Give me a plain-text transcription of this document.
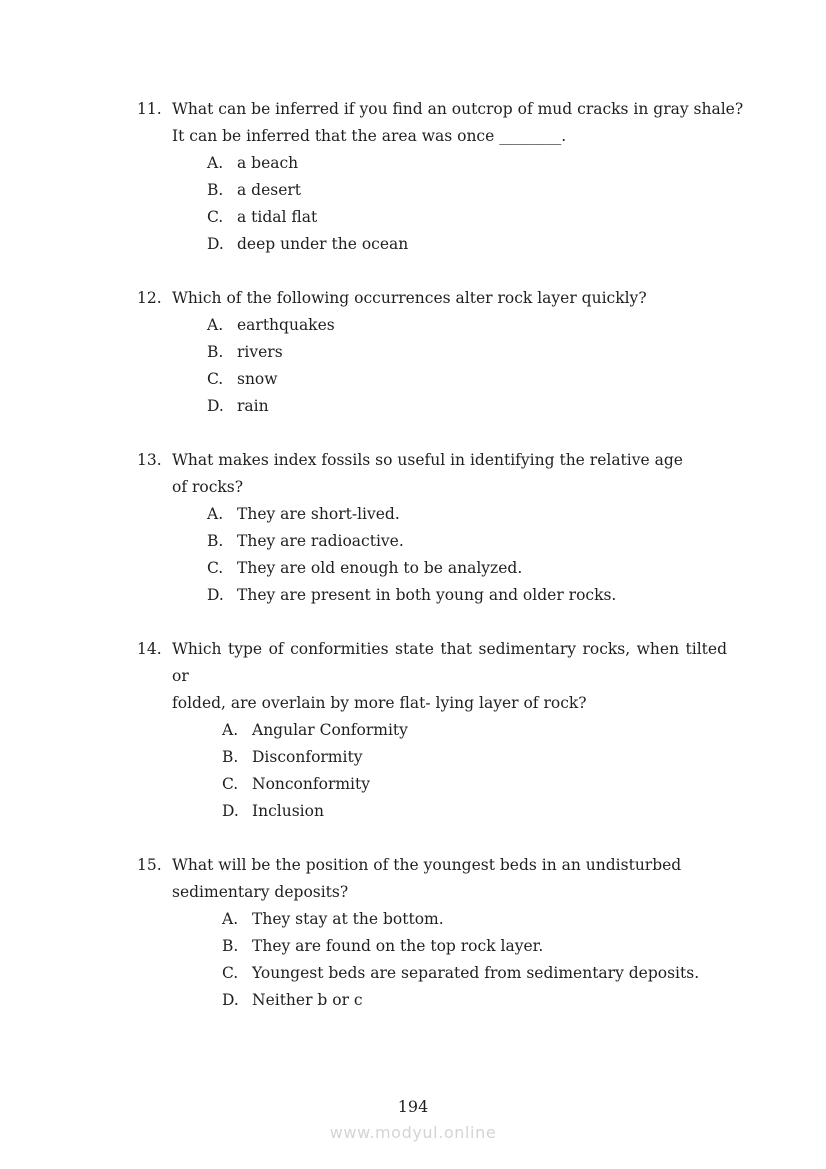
11. What can be inferred if you find an outcrop of mud cracks in gray shale?
It can be inferred that the area was once ________.
A. a beach
B. a desert
C. a tidal flat
D. deep under the ocean
12. Which of the following occurrences alter rock layer quickly?
A. earthquakes
B. rivers
C. snow
D. rain
13. What makes index fossils so useful in identifying the relative age
of rocks?
A. They are short-lived.
B. They are radioactive.
C. They are old enough to be analyzed.
D. They are present in both young and older rocks.
14. Which type of conformities state that sedimentary rocks, when tilted or
folded, are overlain by more flat- lying layer of rock?
A. Angular Conformity
B. Disconformity
C. Nonconformity
D. Inclusion
15. What will be the position of the youngest beds in an undisturbed
sedimentary deposits?
A. They stay at the bottom.
B. They are found on the top rock layer.
C. Youngest beds are separated from sedimentary deposits.
D. Neither b or c
194
www.modyul.online
